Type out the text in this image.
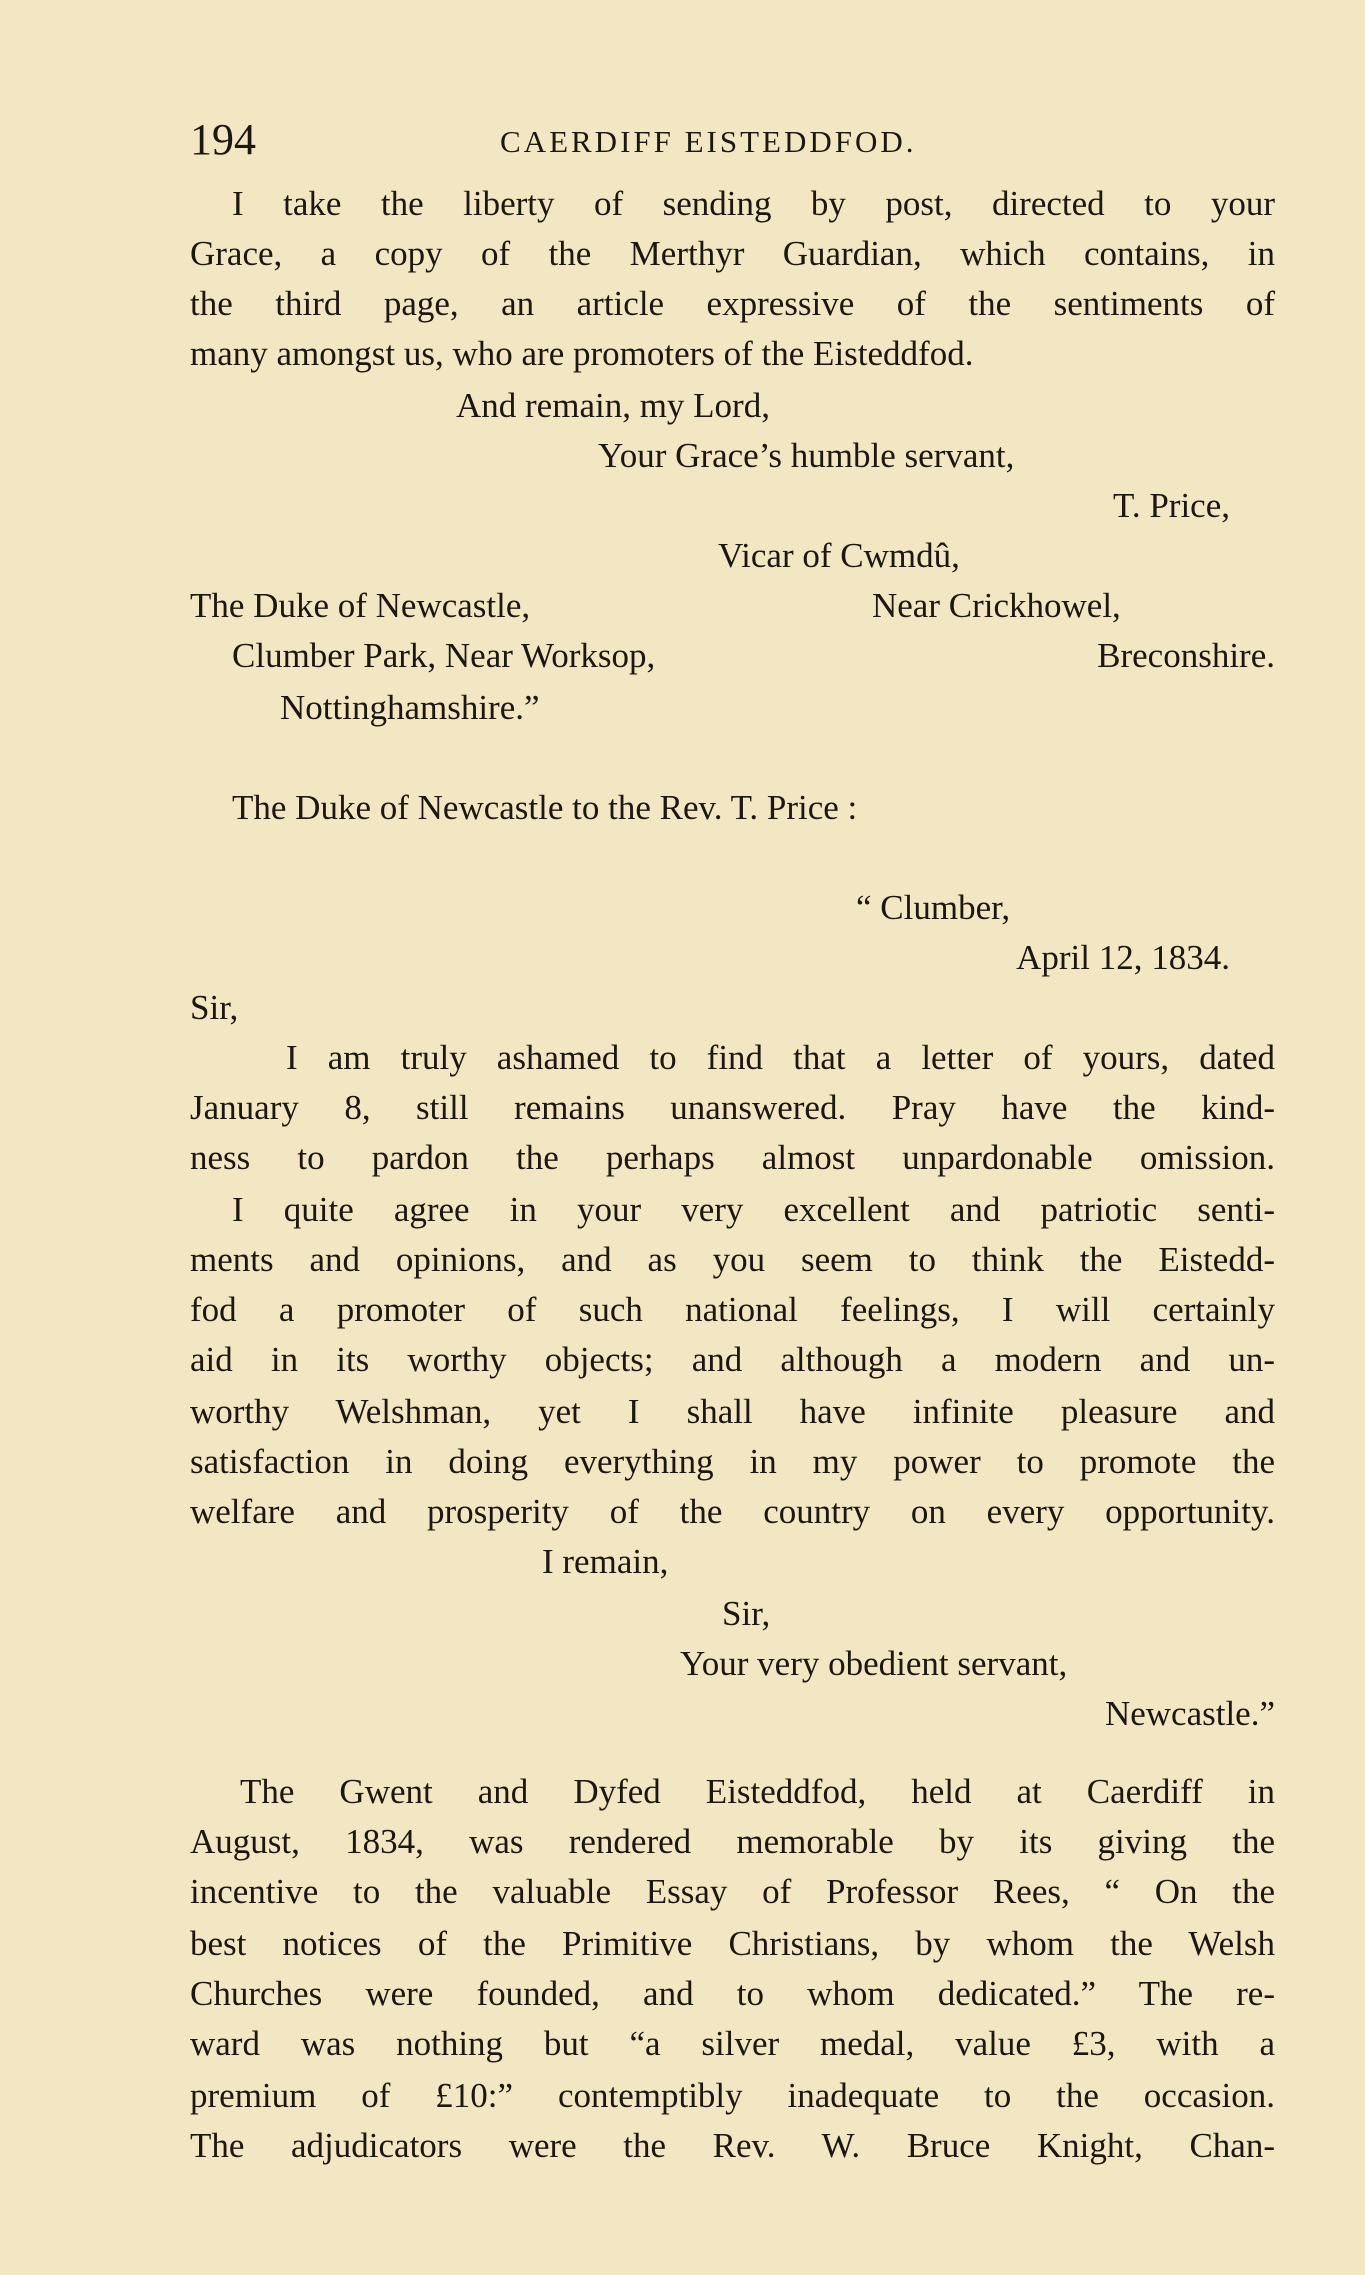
194	CAERDIFF EISTEDDFOD.
I take the liberty of sending by post, directed to your
Grace, a copy of the Merthyr Guardian, which contains, in
the third page, an article expressive of the sentiments of
many amongst us, who are promoters of the Eisteddfod.
And remain, my Lord,
Your Grace’s humble servant,
T. Price,
Vicar of Cwmdû,
The Duke of Newcastle,
Clumber Park, Near Worksop,
Nottinghamshire.”
Near Crickhowel,
Breconshire.
The Duke of Newcastle to the Rev. T. Price :
“ Clumber,
April 12, 1834.
Sir,
I am truly ashamed to find that a letter of yours, dated
January 8, still remains unanswered. Pray have the kind-
ness to pardon the perhaps almost unpardonable omission.
I quite agree in your very excellent and patriotic senti-
ments and opinions, and as you seem to think the Eistedd-
fod a promoter of such national feelings, I will certainly
aid in its worthy objects; and although a modern and un-
worthy Welshman, yet I shall have infinite pleasure and
satisfaction in doing everything in my power to promote the
welfare and prosperity of the country on every opportunity.
I remain,
Sir,
Your very obedient servant,
Newcastle.”
The Gwent and Dyfed Eisteddfod, held at Caerdiff in
August, 1834, was rendered memorable by its giving the
incentive to the valuable Essay of Professor Rees, “ On the
best notices of the Primitive Christians, by whom the Welsh
Churches were founded, and to whom dedicated.” The re-
ward was nothing but “a silver medal, value £3, with a
premium of £10:” contemptibly inadequate to the occasion.
The adjudicators were the Rev. W. Bruce Knight, Chan-
